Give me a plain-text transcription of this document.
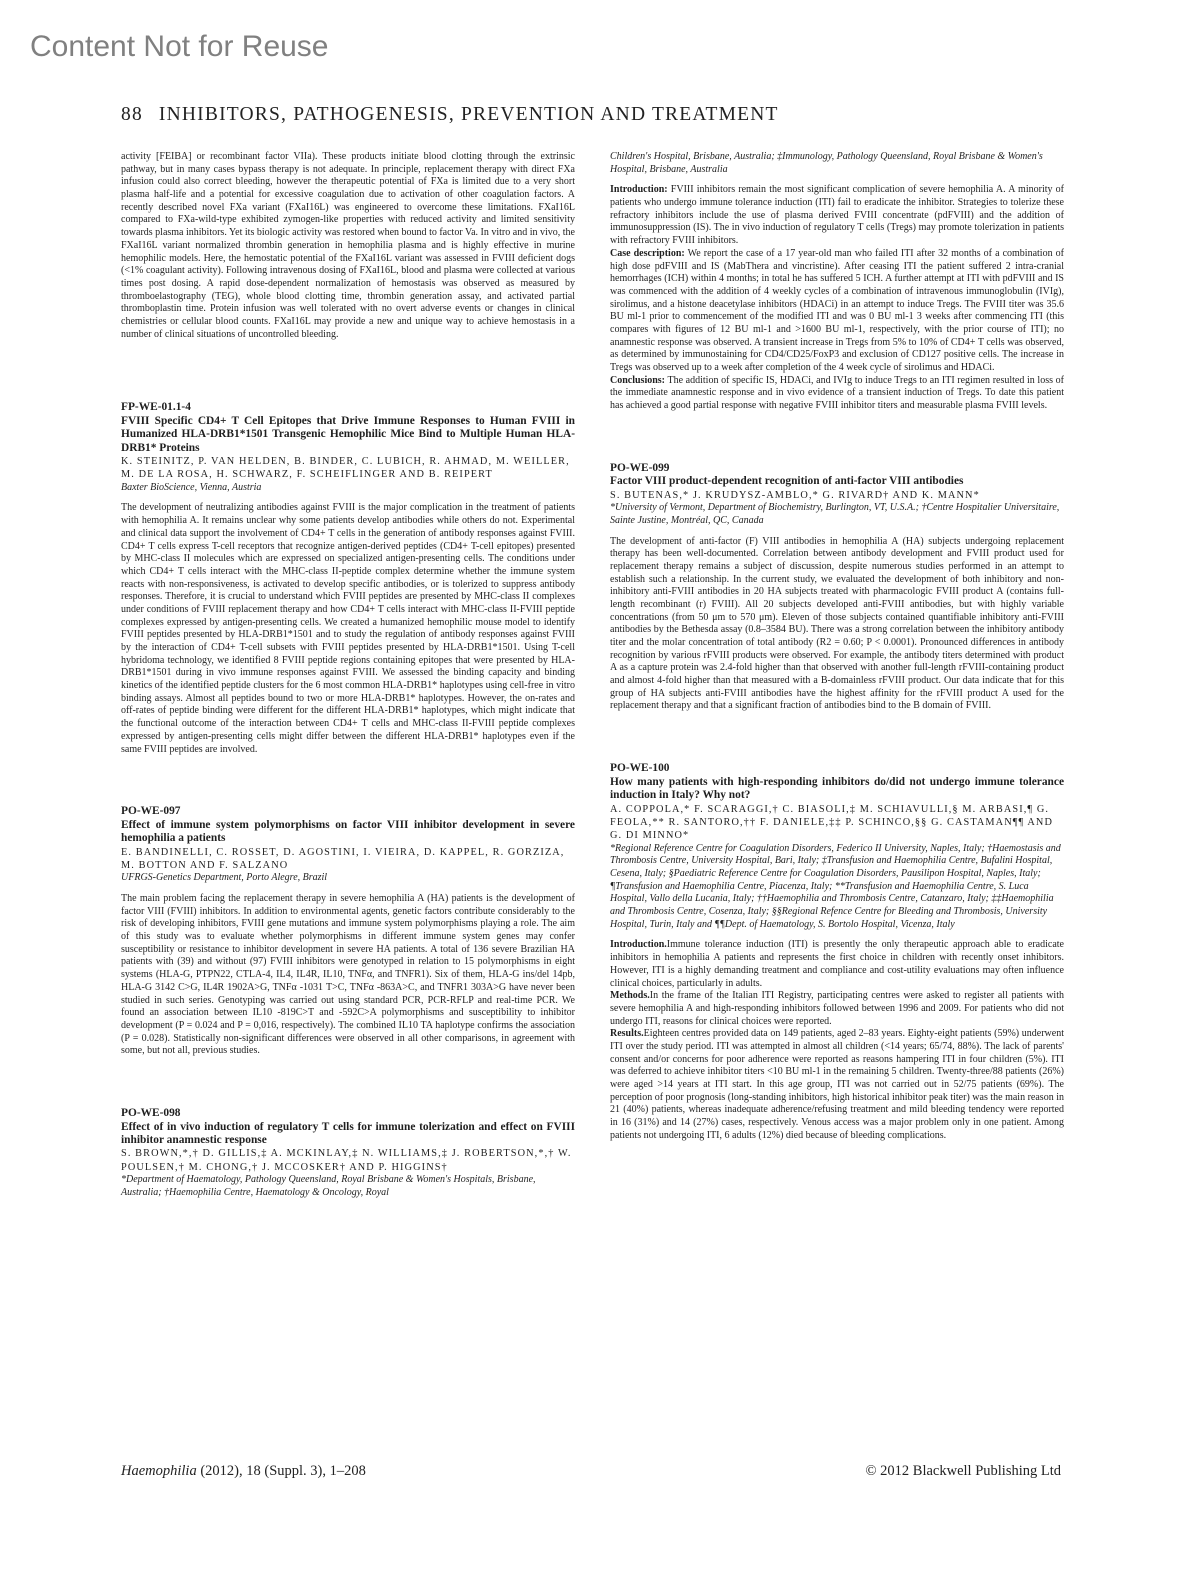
Content Not for Reuse
88 INHIBITORS, PATHOGENESIS, PREVENTION AND TREATMENT

activity [FEIBA] or recombinant factor VIIa). These products initiate blood clotting through the extrinsic pathway, but in many cases bypass therapy is not adequate. In principle, replacement therapy with direct FXa infusion could also correct bleeding, however the therapeutic potential of FXa is limited due to a very short plasma half-life and a potential for excessive coagulation due to activation of other coagulation factors. A recently described novel FXa variant (FXaI16L) was engineered to overcome these limitations. FXaI16L compared to FXa-wild-type exhibited zymogen-like properties with reduced activity and limited sensitivity towards plasma inhibitors. Yet its biologic activity was restored when bound to factor Va. In vitro and in vivo, the FXaI16L variant normalized thrombin generation in hemophilia plasma and is highly effective in murine hemophilic models. Here, the hemostatic potential of the FXaI16L variant was assessed in FVIII deficient dogs (<1% coagulant activity). Following intravenous dosing of FXaI16L, blood and plasma were collected at various times post dosing. A rapid dose-dependent normalization of hemostasis was observed as measured by thromboelastography (TEG), whole blood clotting time, thrombin generation assay, and activated partial thromboplastin time. Protein infusion was well tolerated with no overt adverse events or changes in clinical chemistries or cellular blood counts. FXaI16L may provide a new and unique way to achieve hemostasis in a number of clinical situations of uncontrolled bleeding.

FP-WE-01.1-4
FVIII Specific CD4+ T Cell Epitopes that Drive Immune Responses to Human FVIII in Humanized HLA-DRB1*1501 Transgenic Hemophilic Mice Bind to Multiple Human HLA-DRB1* Proteins
K. STEINITZ, P. VAN HELDEN, B. BINDER, C. LUBICH, R. AHMAD, M. WEILLER, M. DE LA ROSA, H. SCHWARZ, F. SCHEIFLINGER AND B. REIPERT
Baxter BioScience, Vienna, Austria

The development of neutralizing antibodies against FVIII is the major complication in the treatment of patients with hemophilia A. It remains unclear why some patients develop antibodies while others do not. Experimental and clinical data support the involvement of CD4+ T cells in the generation of antibody responses against FVIII. CD4+ T cells express T-cell receptors that recognize antigen-derived peptides (CD4+ T-cell epitopes) presented by MHC-class II molecules which are expressed on specialized antigen-presenting cells. The conditions under which CD4+ T cells interact with the MHC-class II-peptide complex determine whether the immune system reacts with non-responsiveness, is activated to develop specific antibodies, or is tolerized to suppress antibody responses. Therefore, it is crucial to understand which FVIII peptides are presented by MHC-class II complexes under conditions of FVIII replacement therapy and how CD4+ T cells interact with MHC-class II-FVIII peptide complexes expressed by antigen-presenting cells. We created a humanized hemophilic mouse model to identify FVIII peptides presented by HLA-DRB1*1501 and to study the regulation of antibody responses against FVIII by the interaction of CD4+ T-cell subsets with FVIII peptides presented by HLA-DRB1*1501. Using T-cell hybridoma technology, we identified 8 FVIII peptide regions containing epitopes that were presented by HLA-DRB1*1501 during in vivo immune responses against FVIII. We assessed the binding capacity and binding kinetics of the identified peptide clusters for the 6 most common HLA-DRB1* haplotypes using cell-free in vitro binding assays. Almost all peptides bound to two or more HLA-DRB1* haplotypes. However, the on-rates and off-rates of peptide binding were different for the different HLA-DRB1* haplotypes, which might indicate that the functional outcome of the interaction between CD4+ T cells and MHC-class II-FVIII peptide complexes expressed by antigen-presenting cells might differ between the different HLA-DRB1* haplotypes even if the same FVIII peptides are involved.

PO-WE-097
Effect of immune system polymorphisms on factor VIII inhibitor development in severe hemophilia a patients
E. BANDINELLI, C. ROSSET, D. AGOSTINI, I. VIEIRA, D. KAPPEL, R. GORZIZA, M. BOTTON AND F. SALZANO
UFRGS-Genetics Department, Porto Alegre, Brazil

The main problem facing the replacement therapy in severe hemophilia A (HA) patients is the development of factor VIII (FVIII) inhibitors. In addition to environmental agents, genetic factors contribute considerably to the risk of developing inhibitors, FVIII gene mutations and immune system polymorphisms playing a role. The aim of this study was to evaluate whether polymorphisms in different immune system genes may confer susceptibility or resistance to inhibitor development in severe HA patients. A total of 136 severe Brazilian HA patients with (39) and without (97) FVIII inhibitors were genotyped in relation to 15 polymorphisms in eight systems (HLA-G, PTPN22, CTLA-4, IL4, IL4R, IL10, TNFα, and TNFR1). Six of them, HLA-G ins/del 14pb, HLA-G 3142 C>G, IL4R 1902A>G, TNFα -1031 T>C, TNFα -863A>C, and TNFR1 303A>G have never been studied in such series. Genotyping was carried out using standard PCR, PCR-RFLP and real-time PCR. We found an association between IL10 -819C>T and -592C>A polymorphisms and susceptibility to inhibitor development (P = 0.024 and P = 0,016, respectively). The combined IL10 TA haplotype confirms the association (P = 0.028). Statistically non-significant differences were observed in all other comparisons, in agreement with some, but not all, previous studies.

PO-WE-098
Effect of in vivo induction of regulatory T cells for immune tolerization and effect on FVIII inhibitor anamnestic response
S. BROWN,*,† D. GILLIS,‡ A. MCKINLAY,‡ N. WILLIAMS,‡ J. ROBERTSON,*,† W. POULSEN,† M. CHONG,† J. MCCOSKER† AND P. HIGGINS†
*Department of Haematology, Pathology Queensland, Royal Brisbane & Women's Hospitals, Brisbane, Australia; †Haemophilia Centre, Haematology & Oncology, Royal
Children's Hospital, Brisbane, Australia; ‡Immunology, Pathology Queensland, Royal Brisbane & Women's Hospital, Brisbane, Australia

Introduction: FVIII inhibitors remain the most significant complication of severe hemophilia A. A minority of patients who undergo immune tolerance induction (ITI) fail to eradicate the inhibitor. Strategies to tolerize these refractory inhibitors include the use of plasma derived FVIII concentrate (pdFVIII) and the addition of immunosuppression (IS). The in vivo induction of regulatory T cells (Tregs) may promote tolerization in patients with refractory FVIII inhibitors.

Case description: We report the case of a 17 year-old man who failed ITI after 32 months of a combination of high dose pdFVIII and IS (MabThera and vincristine). After ceasing ITI the patient suffered 2 intra-cranial hemorrhages (ICH) within 4 months; in total he has suffered 5 ICH. A further attempt at ITI with pdFVIII and IS was commenced with the addition of 4 weekly cycles of a combination of intravenous immunoglobulin (IVIg), sirolimus, and a histone deacetylase inhibitors (HDACi) in an attempt to induce Tregs. The FVIII titer was 35.6 BU ml-1 prior to commencement of the modified ITI and was 0 BU ml-1 3 weeks after commencing ITI (this compares with figures of 12 BU ml-1 and >1600 BU ml-1, respectively, with the prior course of ITI); no anamnestic response was observed. A transient increase in Tregs from 5% to 10% of CD4+ T cells was observed, as determined by immunostaining for CD4/CD25/FoxP3 and exclusion of CD127 positive cells. The increase in Tregs was observed up to a week after completion of the 4 week cycle of sirolimus and HDACi.

Conclusions: The addition of specific IS, HDACi, and IVIg to induce Tregs to an ITI regimen resulted in loss of the immediate anamnestic response and in vivo evidence of a transient induction of Tregs. To date this patient has achieved a good partial response with negative FVIII inhibitor titers and measurable plasma FVIII levels.

PO-WE-099
Factor VIII product-dependent recognition of anti-factor VIII antibodies
S. BUTENAS,* J. KRUDYSZ-AMBLO,* G. RIVARD† AND K. MANN*
*University of Vermont, Department of Biochemistry, Burlington, VT, U.S.A.; †Centre Hospitalier Universitaire, Sainte Justine, Montréal, QC, Canada

The development of anti-factor (F) VIII antibodies in hemophilia A (HA) subjects undergoing replacement therapy has been well-documented. Correlation between antibody development and FVIII product used for replacement therapy remains a subject of discussion, despite numerous studies performed in an attempt to establish such a relationship. In the current study, we evaluated the development of both inhibitory and non-inhibitory anti-FVIII antibodies in 20 HA subjects treated with pharmacologic FVIII product A (contains full-length recombinant (r) FVIII). All 20 subjects developed anti-FVIII antibodies, but with highly variable concentrations (from 50 μm to 570 μm). Eleven of those subjects contained quantifiable inhibitory anti-FVIII antibodies by the Bethesda assay (0.8–3584 BU). There was a strong correlation between the inhibitory antibody titer and the molar concentration of total antibody (R2 = 0.60; P < 0.0001). Pronounced differences in antibody recognition by various rFVIII products were observed. For example, the antibody titers determined with product A as a capture protein was 2.4-fold higher than that observed with another full-length rFVIII-containing product and almost 4-fold higher than that measured with a B-domainless rFVIII product. Our data indicate that for this group of HA subjects anti-FVIII antibodies have the highest affinity for the rFVIII product A used for the replacement therapy and that a significant fraction of antibodies bind to the B domain of FVIII.

PO-WE-100
How many patients with high-responding inhibitors do/did not undergo immune tolerance induction in Italy? Why not?
A. COPPOLA,* F. SCARAGGI,† C. BIASOLI,‡ M. SCHIAVULLI,§ M. ARBASI,¶ G. FEOLA,** R. SANTORO,†† F. DANIELE,‡‡ P. SCHINCO,§§ G. CASTAMAN¶¶ AND G. DI MINNO*
*Regional Reference Centre for Coagulation Disorders, Federico II University, Naples, Italy; †Haemostasis and Thrombosis Centre, University Hospital, Bari, Italy; ‡Transfusion and Haemophilia Centre, Bufalini Hospital, Cesena, Italy; §Paediatric Reference Centre for Coagulation Disorders, Pausilipon Hospital, Naples, Italy; ¶Transfusion and Haemophilia Centre, Piacenza, Italy; **Transfusion and Haemophilia Centre, S. Luca Hospital, Vallo della Lucania, Italy; ††Haemophilia and Thrombosis Centre, Catanzaro, Italy; ‡‡Haemophilia and Thrombosis Centre, Cosenza, Italy; §§Regional Refence Centre for Bleeding and Thrombosis, University Hospital, Turin, Italy and ¶¶Dept. of Haematology, S. Bortolo Hospital, Vicenza, Italy

Introduction.Immune tolerance induction (ITI) is presently the only therapeutic approach able to eradicate inhibitors in hemophilia A patients and represents the first choice in children with recently onset inhibitors. However, ITI is a highly demanding treatment and compliance and cost-utility evaluations may often influence clinical choices, particularly in adults.

Methods.In the frame of the Italian ITI Registry, participating centres were asked to register all patients with severe hemophilia A and high-responding inhibitors followed between 1996 and 2009. For patients who did not undergo ITI, reasons for clinical choices were reported.

Results.Eighteen centres provided data on 149 patients, aged 2–83 years. Eighty-eight patients (59%) underwent ITI over the study period. ITI was attempted in almost all children (<14 years; 65/74, 88%). The lack of parents' consent and/or concerns for poor adherence were reported as reasons hampering ITI in four children (5%). ITI was deferred to achieve inhibitor titers <10 BU ml-1 in the remaining 5 children. Twenty-three/88 patients (26%) were aged >14 years at ITI start. In this age group, ITI was not carried out in 52/75 patients (69%). The perception of poor prognosis (long-standing inhibitors, high historical inhibitor peak titer) was the main reason in 21 (40%) patients, whereas inadequate adherence/refusing treatment and mild bleeding tendency were reported in 16 (31%) and 14 (27%) cases, respectively. Venous access was a major problem only in one patient. Among patients not undergoing ITI, 6 adults (12%) died because of bleeding complications.

Haemophilia (2012), 18 (Suppl. 3), 1–208	© 2012 Blackwell Publishing Ltd
